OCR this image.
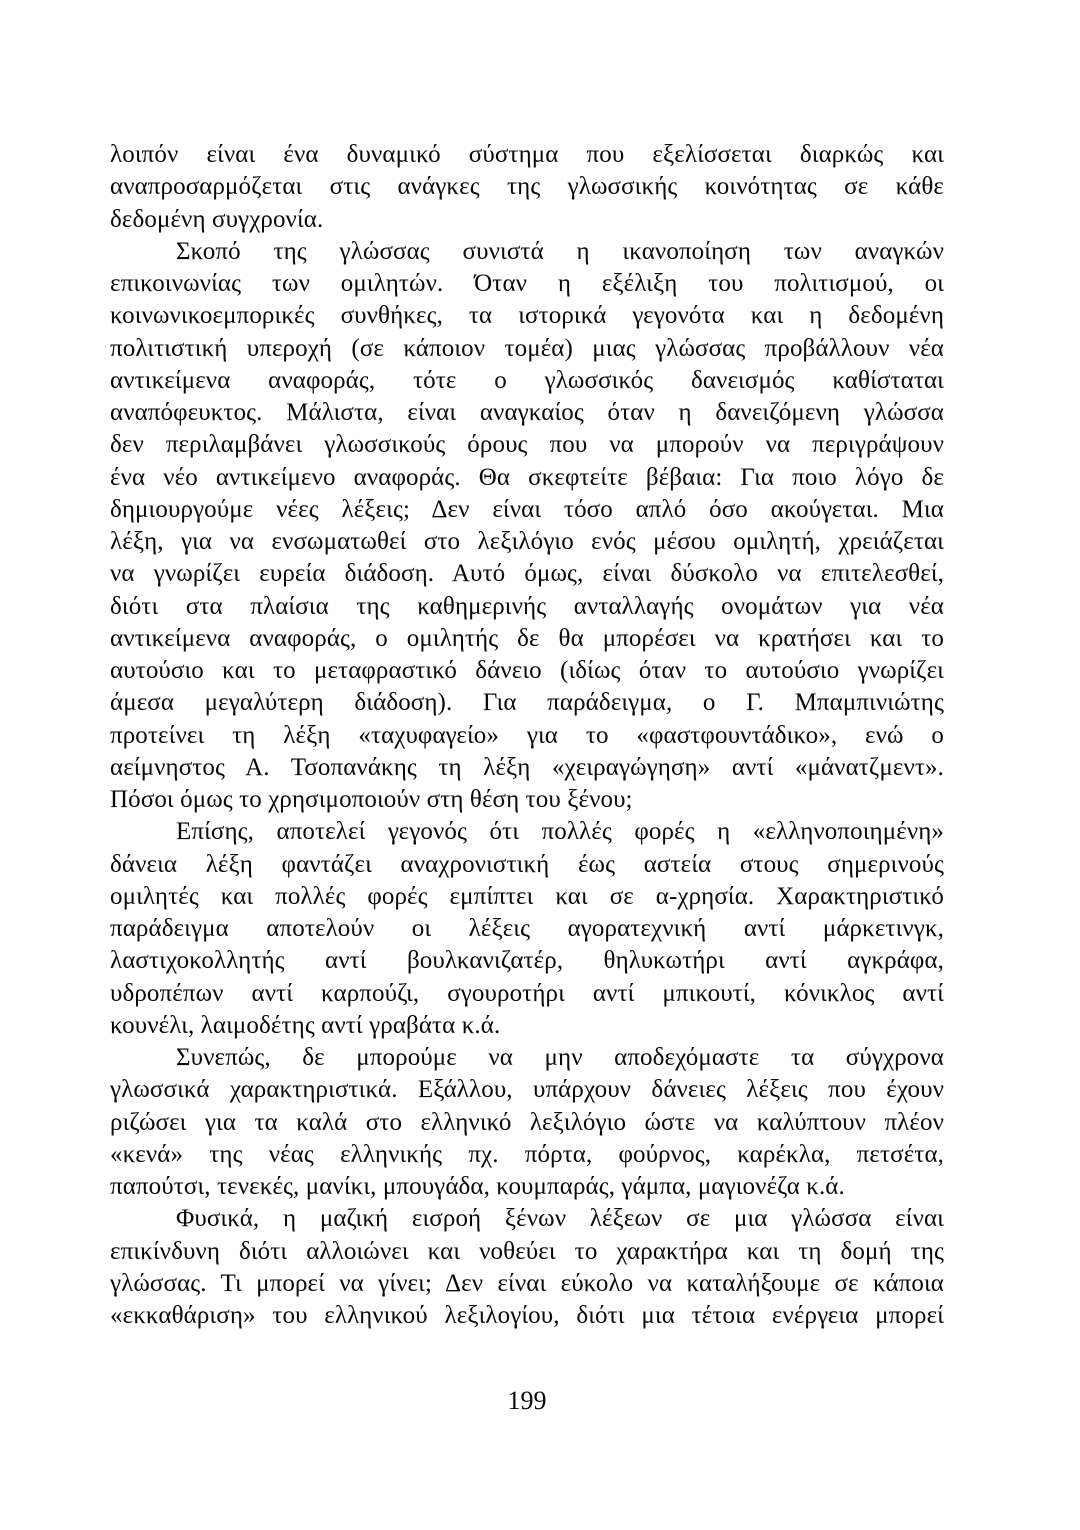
λοιπόν είναι ένα δυναμικό σύστημα που εξελίσσεται διαρκώς και
αναπροσαρμόζεται στις ανάγκες της γλωσσικής κοινότητας σε κάθε
δεδομένη συγχρονία.
Σκοπό της γλώσσας συνιστά η ικανοποίηση των αναγκών
επικοινωνίας των ομιλητών. Όταν η εξέλιξη του πολιτισμού, οι
κοινωνικοεμπορικές συνθήκες, τα ιστορικά γεγονότα και η δεδομένη
πολιτιστική υπεροχή (σε κάποιον τομέα) μιας γλώσσας προβάλλουν νέα
αντικείμενα αναφοράς, τότε ο γλωσσικός δανεισμός καθίσταται
αναπόφευκτος. Μάλιστα, είναι αναγκαίος όταν η δανειζόμενη γλώσσα
δεν περιλαμβάνει γλωσσικούς όρους που να μπορούν να περιγράψουν
ένα νέο αντικείμενο αναφοράς. Θα σκεφτείτε βέβαια: Για ποιο λόγο δε
δημιουργούμε νέες λέξεις; Δεν είναι τόσο απλό όσο ακούγεται. Μια
λέξη, για να ενσωματωθεί στο λεξιλόγιο ενός μέσου ομιλητή, χρειάζεται
να γνωρίζει ευρεία διάδοση. Αυτό όμως, είναι δύσκολο να επιτελεσθεί,
διότι στα πλαίσια της καθημερινής ανταλλαγής ονομάτων για νέα
αντικείμενα αναφοράς, ο ομιλητής δε θα μπορέσει να κρατήσει και το
αυτούσιο και το μεταφραστικό δάνειο (ιδίως όταν το αυτούσιο γνωρίζει
άμεσα μεγαλύτερη διάδοση). Για παράδειγμα, ο Γ. Μπαμπινιώτης
προτείνει τη λέξη «ταχυφαγείο» για το «φαστφουντάδικο», ενώ ο
αείμνηστος Α. Τσοπανάκης τη λέξη «χειραγώγηση» αντί «μάνατζμεντ».
Πόσοι όμως το χρησιμοποιούν στη θέση του ξένου;
Επίσης, αποτελεί γεγονός ότι πολλές φορές η «ελληνοποιημένη»
δάνεια λέξη φαντάζει αναχρονιστική έως αστεία στους σημερινούς
ομιλητές και πολλές φορές εμπίπτει και σε α-χρησία. Χαρακτηριστικό
παράδειγμα αποτελούν οι λέξεις αγορατεχνική αντί μάρκετινγκ,
λαστιχοκολλητής αντί βουλκανιζατέρ, θηλυκωτήρι αντί αγκράφα,
υδροπέπων αντί καρπούζι, σγουροτήρι αντί μπικουτί, κόνικλος αντί
κουνέλι, λαιμοδέτης αντί γραβάτα κ.ά.
Συνεπώς, δε μπορούμε να μην αποδεχόμαστε τα σύγχρονα
γλωσσικά χαρακτηριστικά. Εξάλλου, υπάρχουν δάνειες λέξεις που έχουν
ριζώσει για τα καλά στο ελληνικό λεξιλόγιο ώστε να καλύπτουν πλέον
«κενά» της νέας ελληνικής πχ. πόρτα, φούρνος, καρέκλα, πετσέτα,
παπούτσι, τενεκές, μανίκι, μπουγάδα, κουμπαράς, γάμπα, μαγιονέζα κ.ά.
Φυσικά, η μαζική εισροή ξένων λέξεων σε μια γλώσσα είναι
επικίνδυνη διότι αλλοιώνει και νοθεύει το χαρακτήρα και τη δομή της
γλώσσας. Τι μπορεί να γίνει; Δεν είναι εύκολο να καταλήξουμε σε κάποια
«εκκαθάριση» του ελληνικού λεξιλογίου, διότι μια τέτοια ενέργεια μπορεί
199
